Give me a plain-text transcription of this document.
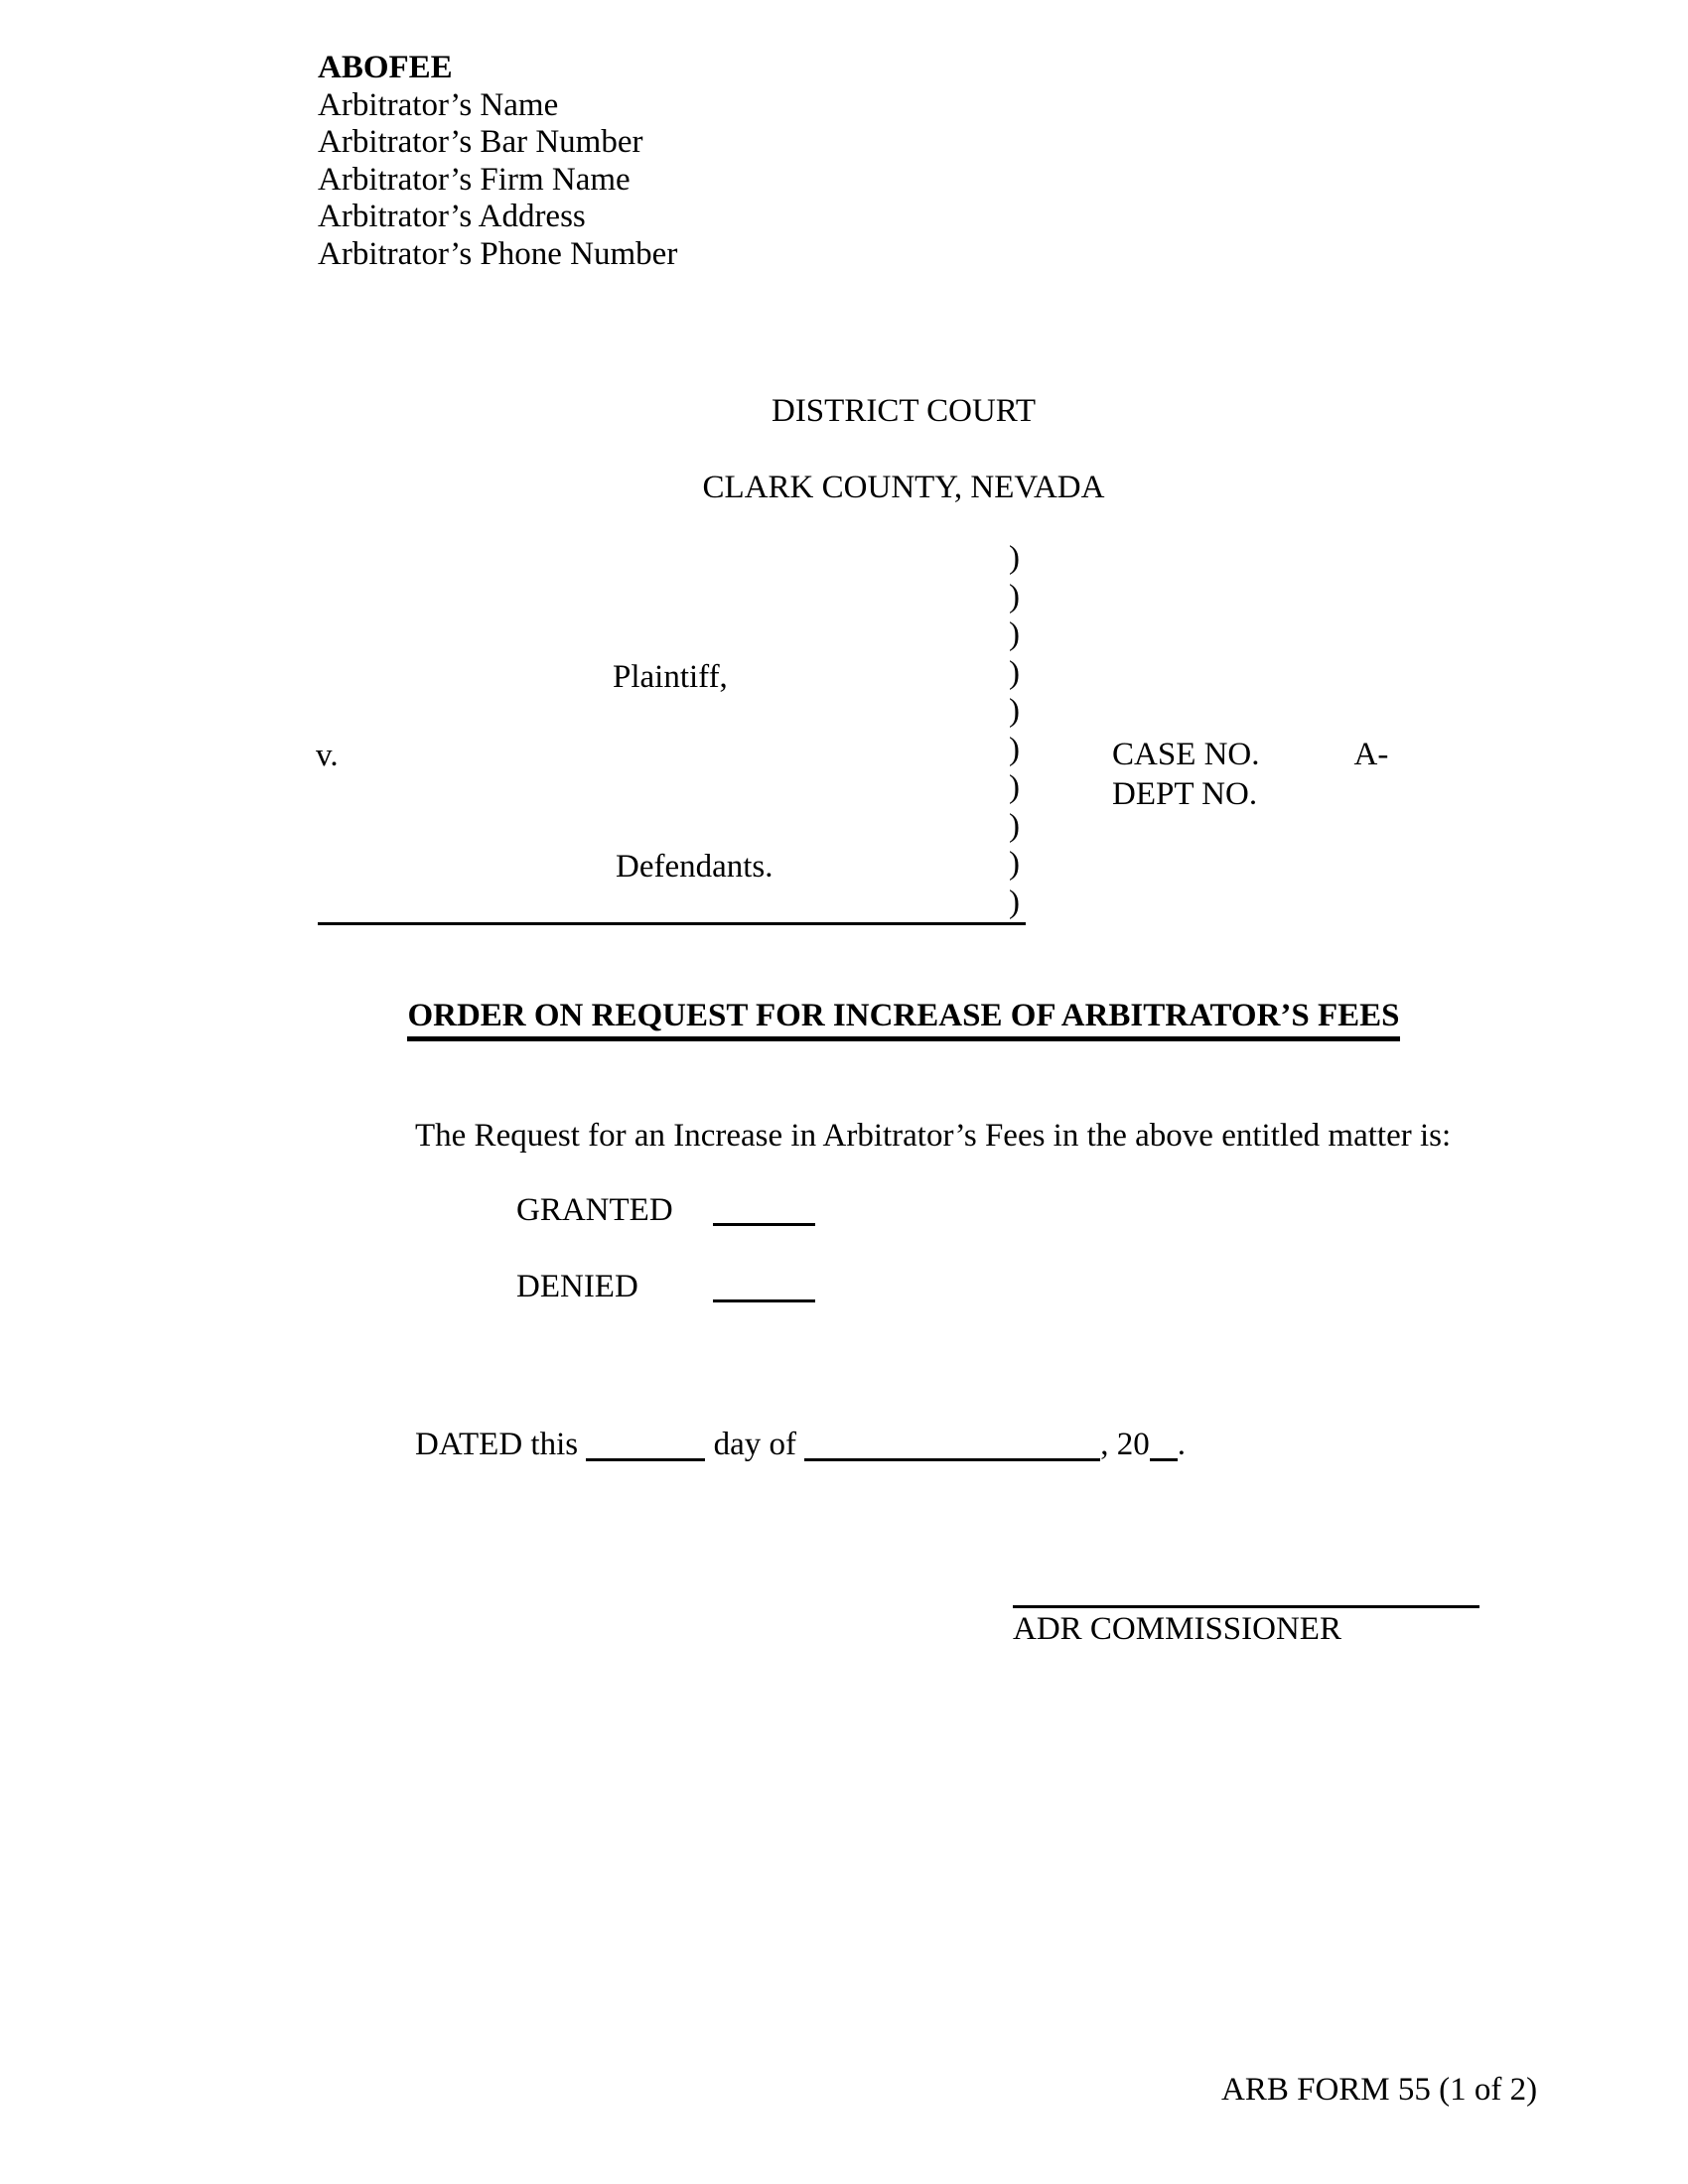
ABOFEE
Arbitrator’s Name
Arbitrator’s Bar Number
Arbitrator’s Firm Name
Arbitrator’s Address
Arbitrator’s Phone Number
DISTRICT COURT
CLARK COUNTY, NEVADA
Plaintiff,
v.
Defendants.
)
)
)
)
)
)
)
)
)
)
CASE NO.	A-
DEPT NO.
ORDER ON REQUEST FOR INCREASE OF ARBITRATOR’S FEES
The Request for an Increase in Arbitrator’s Fees in the above entitled matter is:
GRANTED
DENIED
DATED this	day of	, 20 .
ADR COMMISSIONER
ARB FORM 55 (1 of 2)
